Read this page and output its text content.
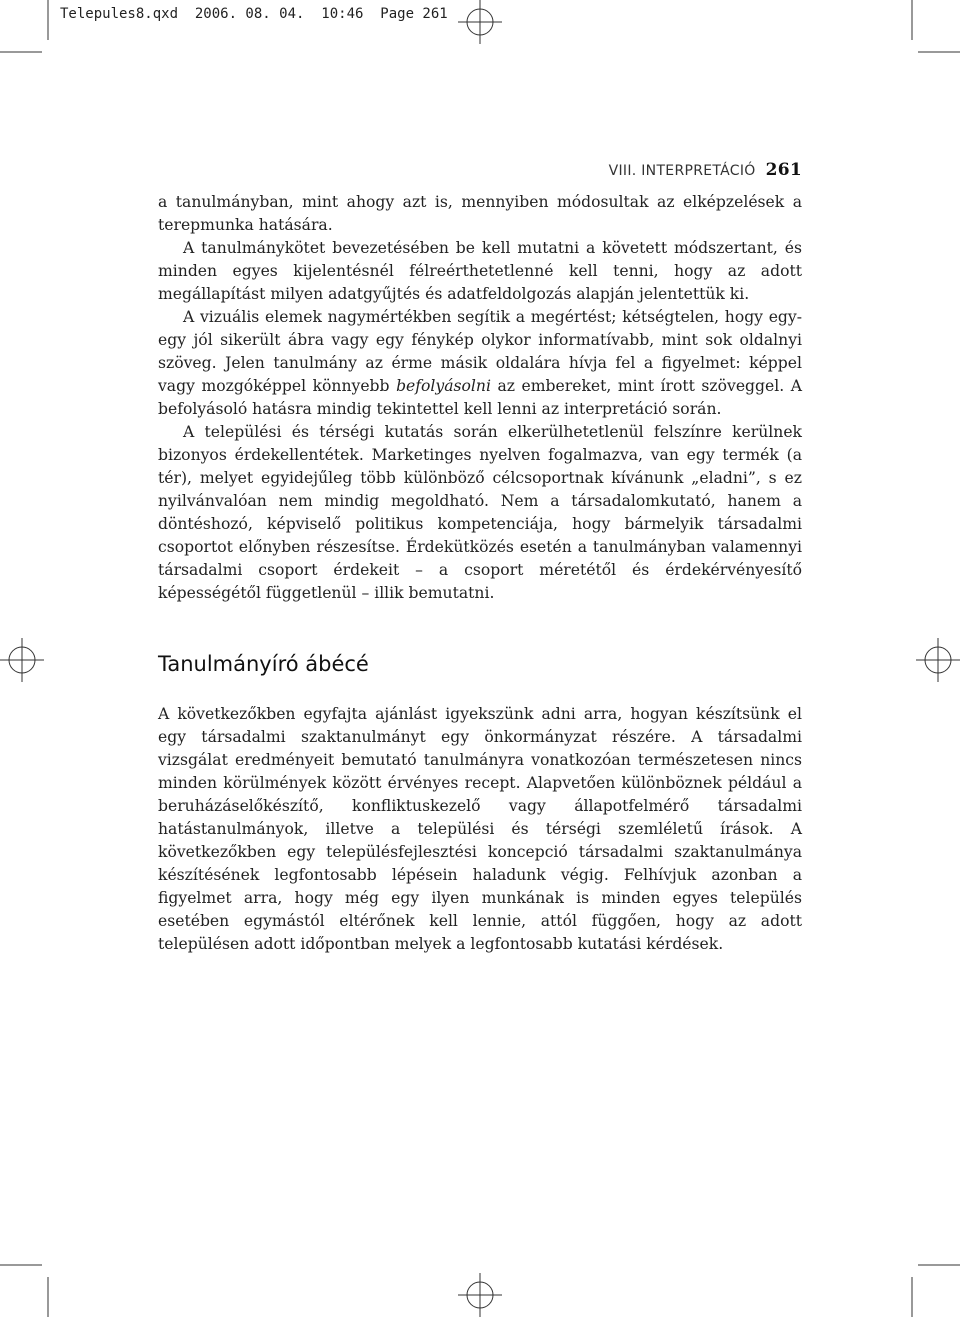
Telepules8.qxd  2006. 08. 04.  10:46  Page 261
VIII. INTERPRETÁCIÓ 261

a tanulmányban, mint ahogy azt is, mennyiben módosultak az elképzelések a terepmunka hatására.

A tanulmánykötet bevezetésében be kell mutatni a követett módszertant, és minden egyes kijelentésnél félreérthetetlenné kell tenni, hogy az adott megállapítást milyen adatgyűjtés és adatfeldolgozás alapján jelentettük ki.

A vizuális elemek nagymértékben segítik a megértést; kétségtelen, hogy egy-egy jól sikerült ábra vagy egy fénykép olykor informatívabb, mint sok oldalnyi szöveg. Jelen tanulmány az érme másik oldalára hívja fel a figyelmet: képpel vagy mozgóképpel könnyebb befolyásolni az embereket, mint írott szöveggel. A befolyásoló hatásra mindig tekintettel kell lenni az interpretáció során.

A települési és térségi kutatás során elkerülhetetlenül felszínre kerülnek bizonyos érdekellentétek. Marketinges nyelven fogalmazva, van egy termék (a tér), melyet egyidejűleg több különböző célcsoportnak kívánunk „eladni”, s ez nyilvánvalóan nem mindig megoldható. Nem a társadalomkutató, hanem a döntéshozó, képviselő politikus kompetenciája, hogy bármelyik társadalmi csoportot előnyben részesítse. Érdekütközés esetén a tanulmányban valamennyi társadalmi csoport érdekeit – a csoport méretétől és érdekérvényesítő képességétől függetlenül – illik bemutatni.

Tanulmányíró ábécé

A következőkben egyfajta ajánlást igyekszünk adni arra, hogyan készítsünk el egy társadalmi szaktanulmányt egy önkormányzat részére. A társadalmi vizsgálat eredményeit bemutató tanulmányra vonatkozóan természetesen nincs minden körülmények között érvényes recept. Alapvetően különböznek például a beruházáselőkészítő, konfliktuskezelő vagy állapotfelmérő társadalmi hatástanulmányok, illetve a települési és térségi szemléletű írások. A következőkben egy településfejlesztési koncepció társadalmi szaktanulmánya készítésének legfontosabb lépésein haladunk végig. Felhívjuk azonban a figyelmet arra, hogy még egy ilyen munkának is minden egyes település esetében egymástól eltérőnek kell lennie, attól függően, hogy az adott településen adott időpontban melyek a legfontosabb kutatási kérdések.
